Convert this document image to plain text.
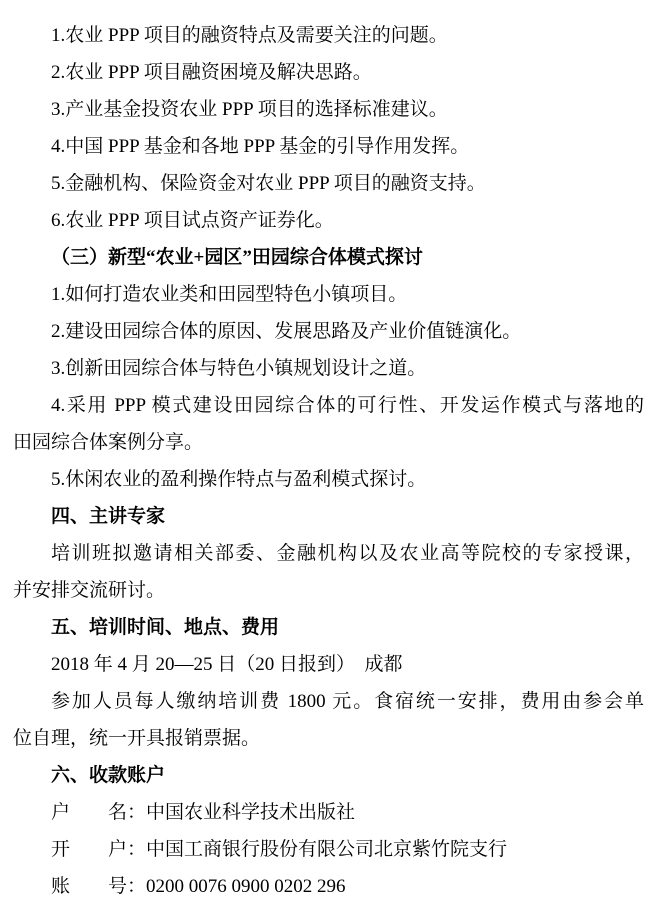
1.农业 PPP 项目的融资特点及需要关注的问题。

2.农业 PPP 项目融资困境及解决思路。

3.产业基金投资农业 PPP 项目的选择标准建议。

4.中国 PPP 基金和各地 PPP 基金的引导作用发挥。

5.金融机构、保险资金对农业 PPP 项目的融资支持。

6.农业 PPP 项目试点资产证券化。

（三）新型“农业+园区”田园综合体模式探讨

1.如何打造农业类和田园型特色小镇项目。

2.建设田园综合体的原因、发展思路及产业价值链演化。

3.创新田园综合体与特色小镇规划设计之道。

4.采用 PPP 模式建设田园综合体的可行性、开发运作模式与落地的

田园综合体案例分享。

5.休闲农业的盈利操作特点与盈利模式探讨。

四、主讲专家

培训班拟邀请相关部委、金融机构以及农业高等院校的专家授课，

并安排交流研讨。

五、培训时间、地点、费用

2018 年 4 月 20—25 日（20 日报到）　成都

参加人员每人缴纳培训费 1800 元。食宿统一安排，费用由参会单

位自理，统一开具报销票据。

六、收款账户

户　　名：中国农业科学技术出版社

开　　户：中国工商银行股份有限公司北京紫竹院支行

账　　号：0200 0076 0900 0202 296
